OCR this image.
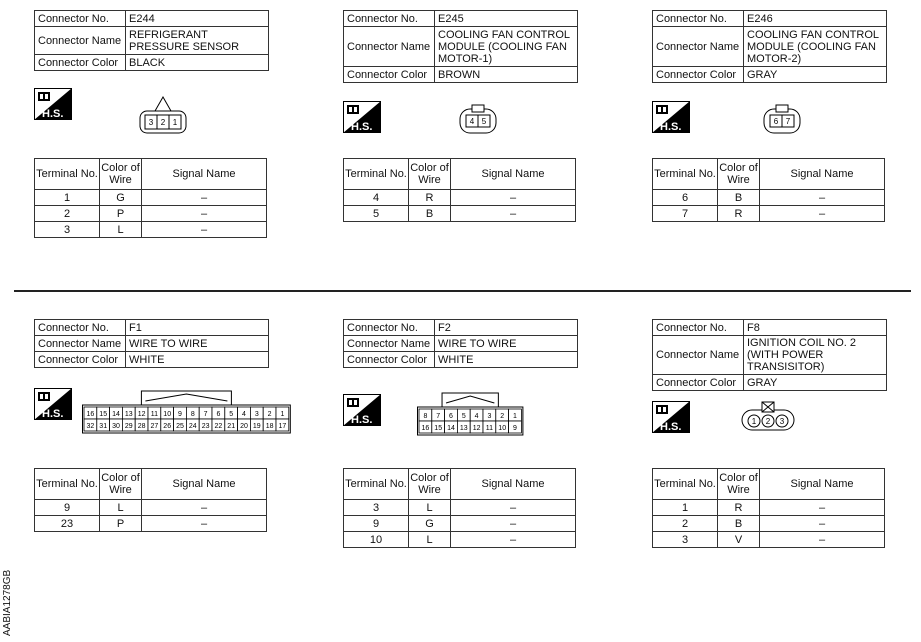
Connector No.	E244
Connector Name	REFRIGERANT PRESSURE SENSOR
Connector Color	BLACK
H.S.
3 2 1
Terminal No.	Color of Wire	Signal Name
1	G	–
2	P	–
3	L	–
Connector No.	E245
Connector Name	COOLING FAN CONTROL MODULE (COOLING FAN MOTOR-1)
Connector Color	BROWN
H.S.	4 5
Terminal No.	Color of Wire	Signal Name
4	R	–
5	B	–
Connector No.	E246
Connector Name	COOLING FAN CONTROL MODULE (COOLING FAN MOTOR-2)
Connector Color	GRAY
H.S.	6 7
Terminal No.	Color of Wire	Signal Name
6	B	–
7	R	–
Connector No.	F1
Connector Name	WIRE TO WIRE
Connector Color	WHITE
H.S.	16 15 14 13 12 11 10 9 8 7 6 5 4 3 2 1
32 31 30 29 28 27 26 25 24 23 22 21 20 19 18 17
Terminal No.	Color of Wire	Signal Name
9	L	–
23	P	–
Connector No.	F2
Connector Name	WIRE TO WIRE
Connector Color	WHITE
H.S.	8 7 6 5 4 3 2 1
16 15 14 13 12 11 10 9
Terminal No.	Color of Wire	Signal Name
3	L	–
9	G	–
10	L	–
Connector No.	F8
Connector Name	IGNITION COIL NO. 2 (WITH POWER TRANSISITOR)
Connector Color	GRAY
H.S.	1 2 3
Terminal No.	Color of Wire	Signal Name
1	R	–
2	B	–
3	V	–
AABIA1278GB
